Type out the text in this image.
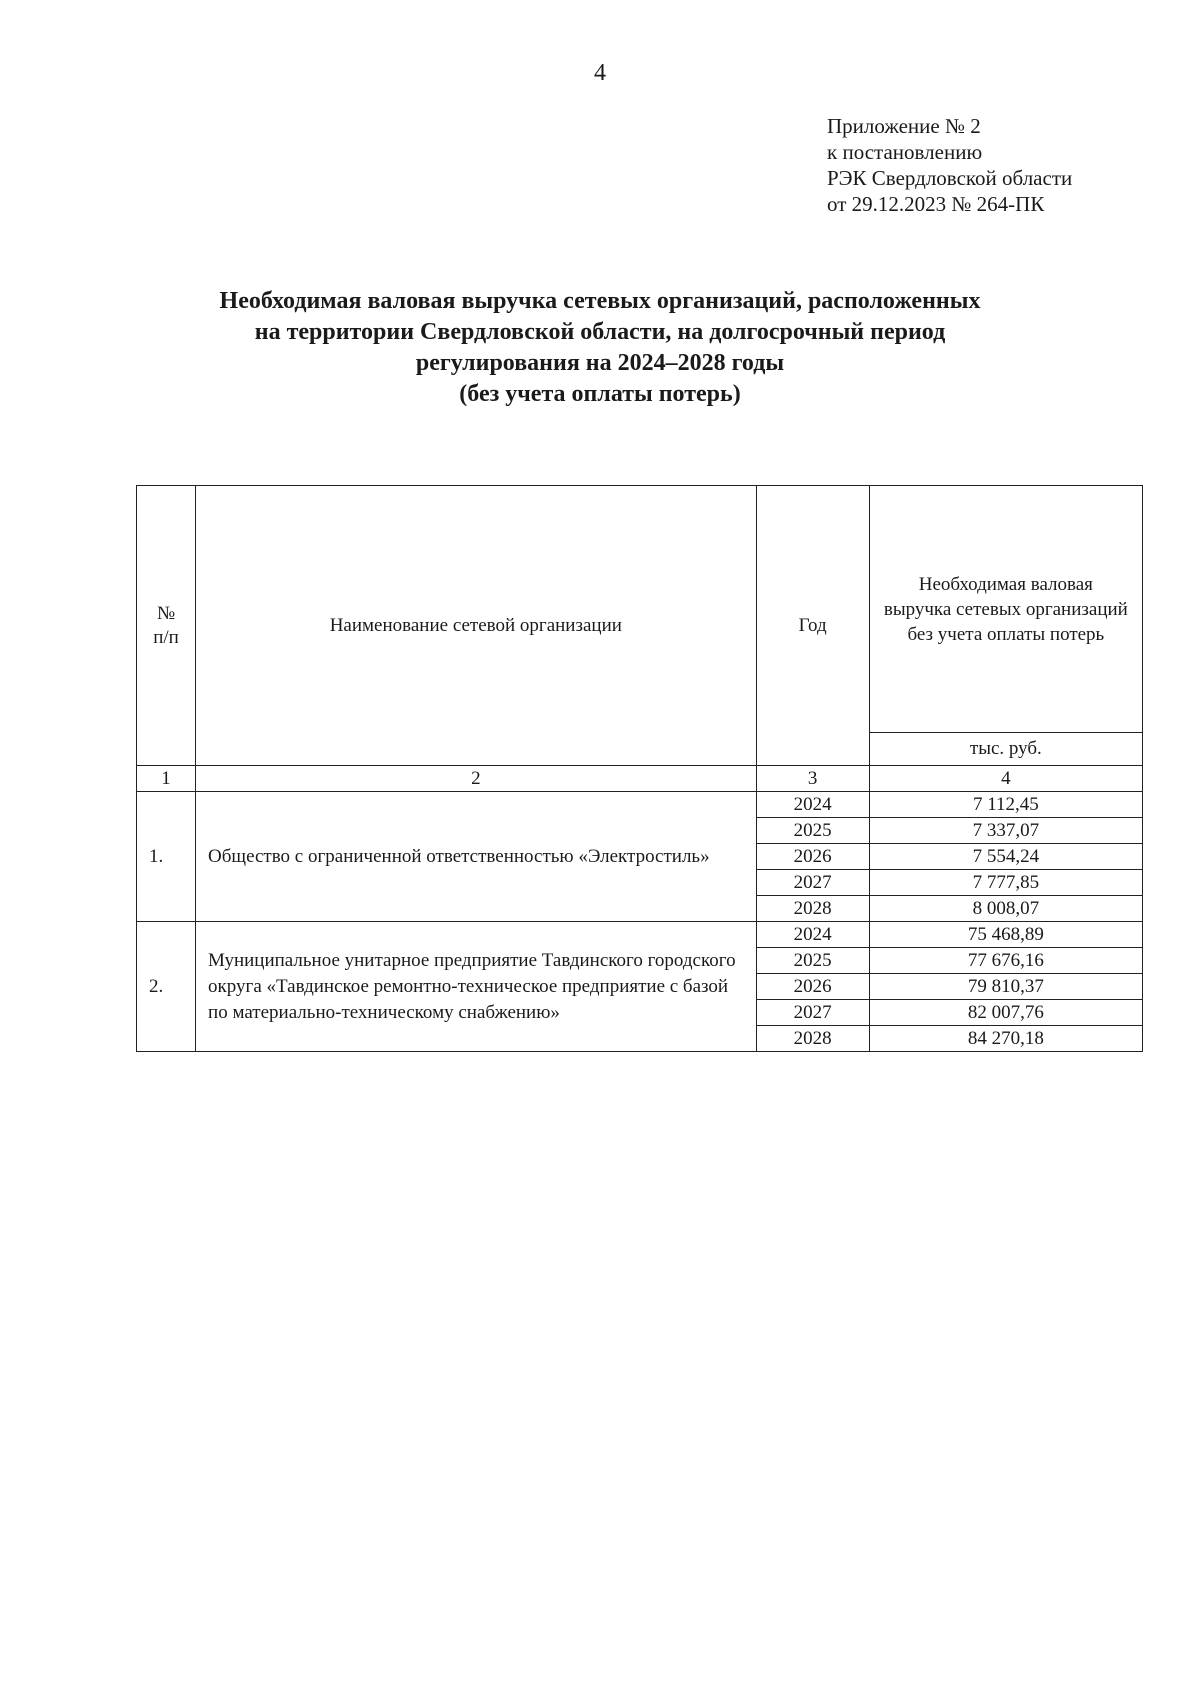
4
Приложение № 2
к постановлению
РЭК Свердловской области
от 29.12.2023 № 264-ПК
Необходимая валовая выручка сетевых организаций, расположенных
на территории Свердловской области, на долгосрочный период
регулирования на 2024–2028 годы
(без учета оплаты потерь)
№
п/п	Наименование сетевой организации	Год	Необходимая валовая выручка сетевых организаций без учета оплаты потерь
			тыс. руб.
1	2	3	4
1.	Общество с ограниченной ответственностью «Электростиль»	2024	7 112,45
		2025	7 337,07
		2026	7 554,24
		2027	7 777,85
		2028	8 008,07
2.	Муниципальное унитарное предприятие Тавдинского городского округа «Тавдинское ремонтно-техническое предприятие с базой по материально-техническому снабжению»	2024	75 468,89
		2025	77 676,16
		2026	79 810,37
		2027	82 007,76
		2028	84 270,18
